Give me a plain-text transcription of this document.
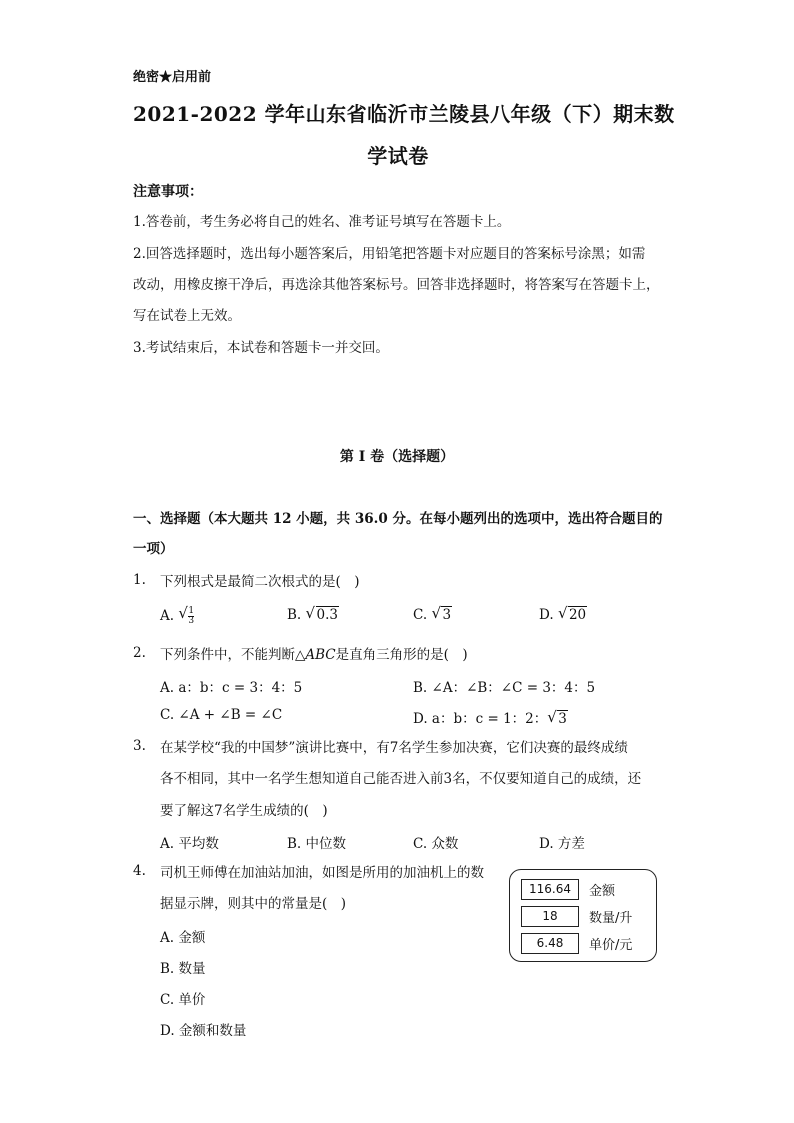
绝密★启用前
2021-2022 学年山东省临沂市兰陵县八年级（下）期末数
学试卷
注意事项：
1.答卷前，考生务必将自己的姓名、准考证号填写在答题卡上。
2.回答选择题时，选出每小题答案后，用铅笔把答题卡对应题目的答案标号涂黑；如需
改动，用橡皮擦干净后，再选涂其他答案标号。回答非选择题时，将答案写在答题卡上，
写在试卷上无效。
3.考试结束后，本试卷和答题卡一并交回。
第 I 卷（选择题）
一、选择题（本大题共 12 小题，共 36.0 分。在每小题列出的选项中，选出符合题目的
一项）
1. 下列根式是最简二次根式的是(　)
A. √ $\frac{1}{3}$	B. √ 0.3	C. √ 3	D. √ 20
2. 下列条件中，不能判断△ABC是直角三角形的是(　)
A. a：b：c = 3：4：5	B. ∠A：∠B：∠C = 3：4：5
C. ∠A + ∠B = ∠C	D. a：b：c = 1：2： √ 3
3. 在某学校“我的中国梦”演讲比赛中，有7名学生参加决赛，它们决赛的最终成绩
各不相同，其中一名学生想知道自己能否进入前3名，不仅要知道自己的成绩，还
要了解这7名学生成绩的(　)
A. 平均数	B. 中位数	C. 众数	D. 方差
4. 司机王师傅在加油站加油，如图是所用的加油机上的数
据显示牌，则其中的常量是(　)
A. 金额
B. 数量
C. 单价
D. 金额和数量
116.64	金额
18	数量/升
6.48	单价/元
